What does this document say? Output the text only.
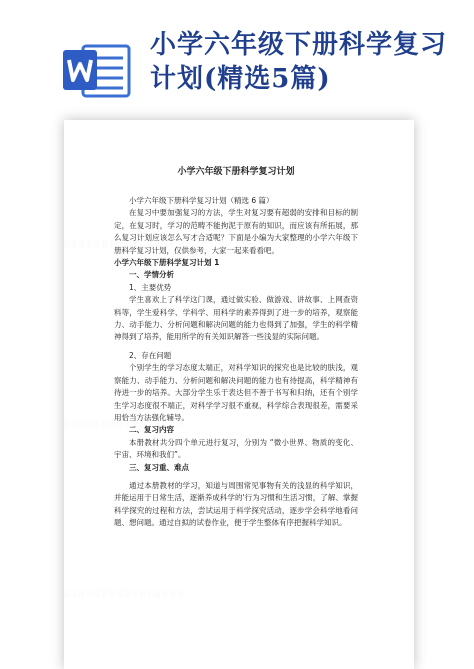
小学六年级下册科学复习计划(精选5篇)
░ ░ ░ ░ ░ ░ ░ ░ ░ ░ ░ ░ ░ ░ ░ ░
░ ░ ░ ░ ░ ░ ░ ░ ░ ░ ░ ░ ░ ░ ░ ░
░ ░ ░ ░ ░ ░ ░ ░ ░ ░ ░ ░ ░ ░ ░ ░

小学六年级下册科学复习计划

小学六年级下册科学复习计划（精选 6 篇）

在复习中要加强复习的方法，学生对复习要有超弱的安排和目标的制定，在复习时，学习的范畴不能拘泥于原有的知识，而应该有所拓展，那么复习计划应该怎么写才合适呢？下面是小编为大家整理的小学六年级下册科学复习计划，仅供参考，大家一起来看看吧。

小学六年级下册科学复习计划 1

一、学情分析

1、主要优势

学生喜欢上了科学这门课，通过做实验、做游戏、讲故事、上网查资料等，学生爱科学、学科学、用科学的素养得到了进一步的培养，观察能力、动手能力、分析问题和解决问题的能力也得到了加强，学生的科学精神得到了培养，能用所学的有关知识解答一些浅显的实际问题。

2、存在问题

个别学生的学习态度太端正，对科学知识的探究也是比较的肤浅，观察能力、动手能力、分析问题和解决问题的能力也有待提高，科学精神有待进一步的培养。大部分学生乐于表达但不善于书写和归纳，还有个别学生学习态度很不端正，对科学学习很不重视，科学综合表现很差，需要采用恰当方法强化辅导。

二、复习内容

本册教材共分四个单元进行复习，分别为 “微小世界、物质的变化、宇宙、环境和我们”。

三、复习重、难点

通过本册教材的学习，知道与周围常见事物有关的浅显的科学知识，并能运用于日常生活，逐渐养成科学的'行为习惯和生活习惯，了解、掌握科学探究的过程和方法，尝试运用于科学探究活动，逐步学会科学地看问题、想问题。通过自拟的试卷作业，便于学生整体有序把握科学知识。
